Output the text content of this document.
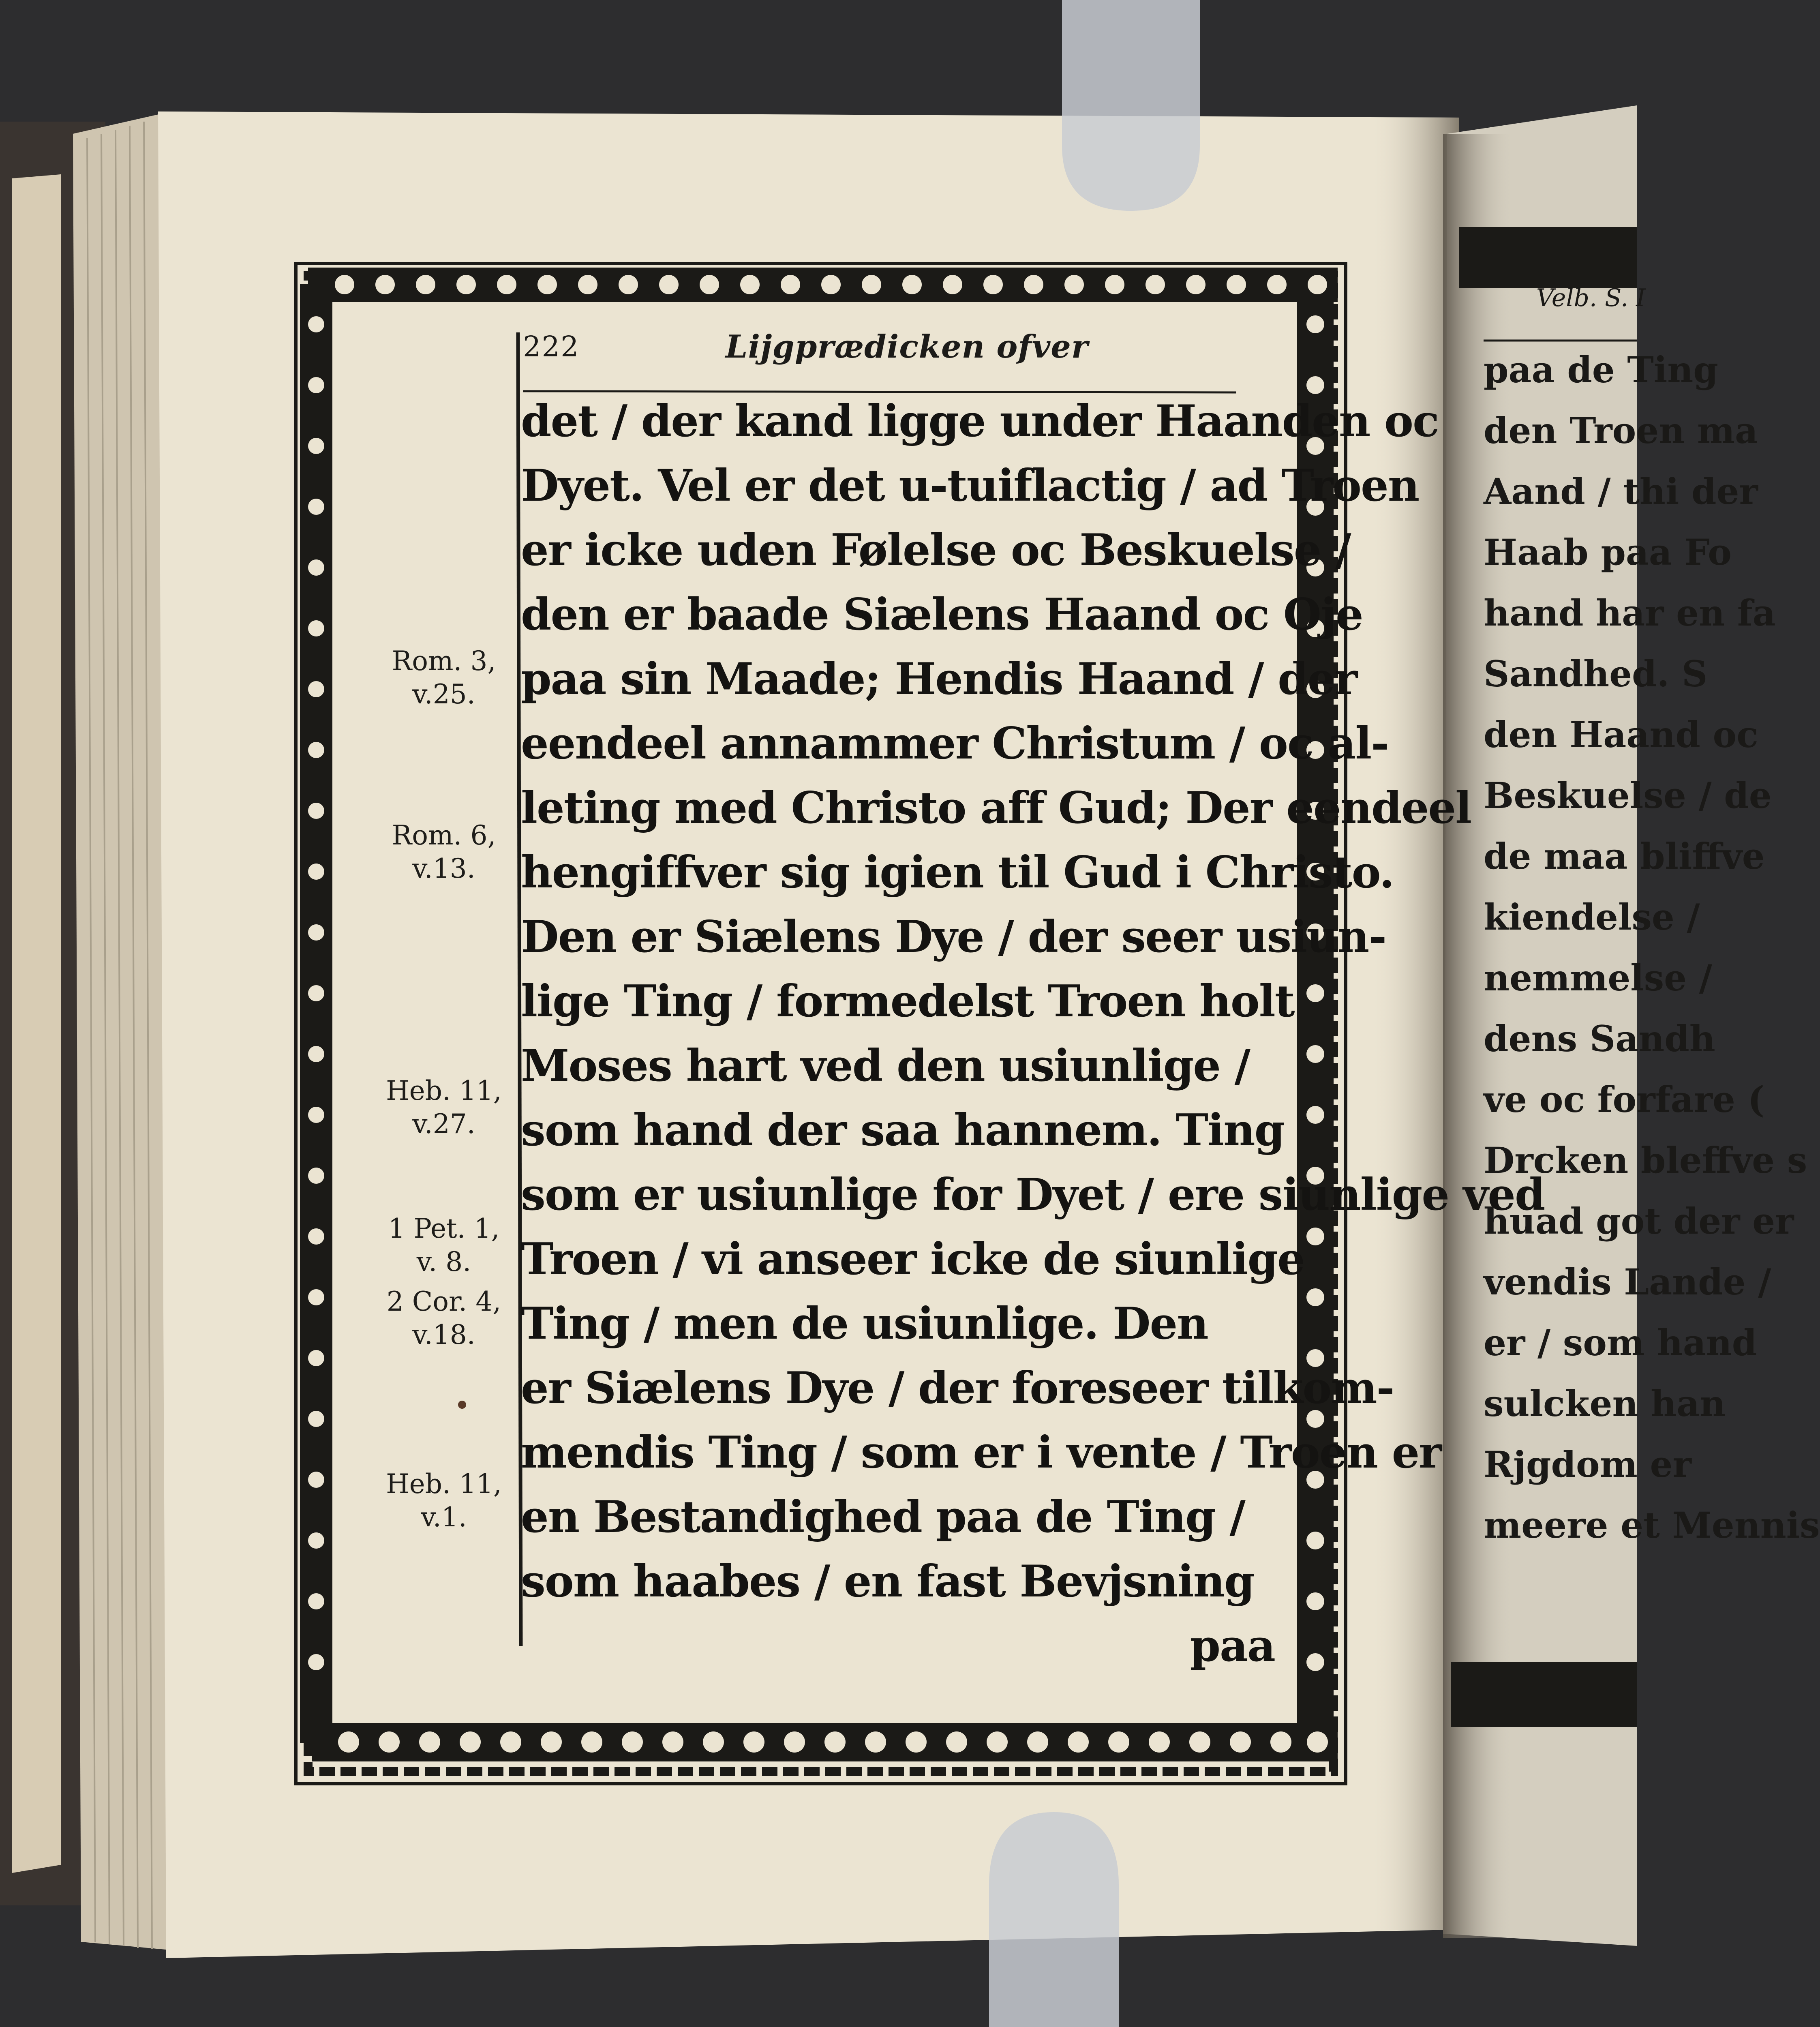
222	Lijgprædicken ofver
Rom. 3,
v.25.
Rom. 6,
v.13.
Heb. 11,
v.27.
1 Pet. 1,
v. 8.
2 Cor. 4,
v.18.
Heb. 11,
v.1.
det / der kand ligge under Haanden oc
Dyet. Vel er det u-tuiflactig / ad Troen
er icke uden Følelse oc Beskuelse /
den er baade Siælens Haand oc Oje
paa sin Maade; Hendis Haand / der
eendeel annammer Christum / oc al-
leting med Christo aff Gud; Der eendeel
hengiffver sig igien til Gud i Christo.
Den er Siælens Dye / der seer usiun-
lige Ting / formedelst Troen holt
Moses hart ved den usiunlige /
som hand der saa hannem. Ting
som er usiunlige for Dyet / ere siunlige ved
Troen / vi anseer icke de siunlige
Ting / men de usiunlige. Den
er Siælens Dye / der foreseer tilkom-
mendis Ting / som er i vente / Troen er
en Bestandighed paa de Ting /
som haabes / en fast Bevjsning
paa
Velb. S. I
paa de Ting
den Troen ma
Aand / thi der
Haab paa Fo
hand har en fa
Sandhed. S
den Haand oc
Beskuelse / de
de maa bliffve
kiendelse /
nemmelse /
dens Sandh
ve oc forfare (
Drcken bleffve s
huad got der er
vendis Lande /
er / som hand
sulcken han
Rjgdom er
meere et Mennis
